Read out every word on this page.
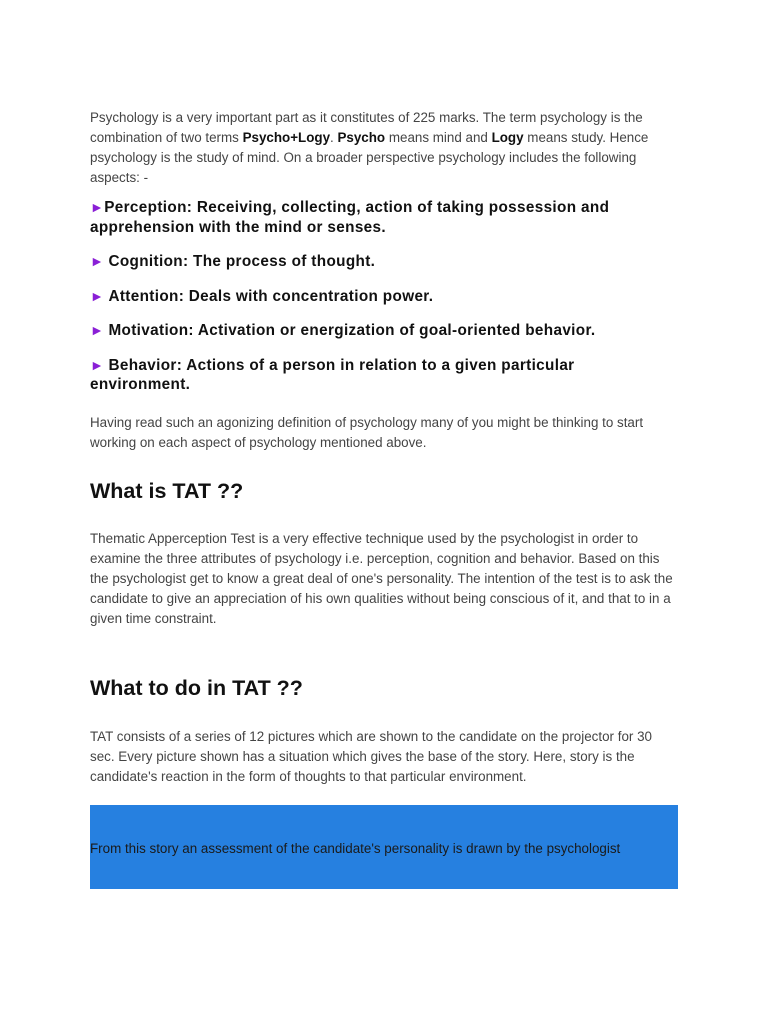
Psychology is a very important part as it constitutes of 225 marks. The term psychology is the combination of two terms Psycho+Logy. Psycho means mind and Logy means study. Hence psychology is the study of mind. On a broader perspective psychology includes the following aspects: -

►Perception: Receiving, collecting, action of taking possession and apprehension with the mind or senses.
► Cognition: The process of thought.
► Attention: Deals with concentration power.
► Motivation: Activation or energization of goal-oriented behavior.
► Behavior: Actions of a person in relation to a given particular environment.

Having read such an agonizing definition of psychology many of you might be thinking to start working on each aspect of psychology mentioned above.

What is TAT ??

Thematic Apperception Test is a very effective technique used by the psychologist in order to examine the three attributes of psychology i.e. perception, cognition and behavior. Based on this the psychologist get to know a great deal of one's personality. The intention of the test is to ask the candidate to give an appreciation of his own qualities without being conscious of it, and that to in a given time constraint.

What to do in TAT ??

TAT consists of a series of 12 pictures which are shown to the candidate on the projector for 30 sec. Every picture shown has a situation which gives the base of the story. Here, story is the candidate's reaction in the form of thoughts to that particular environment.

From this story an assessment of the candidate's personality is drawn by the psychologist
